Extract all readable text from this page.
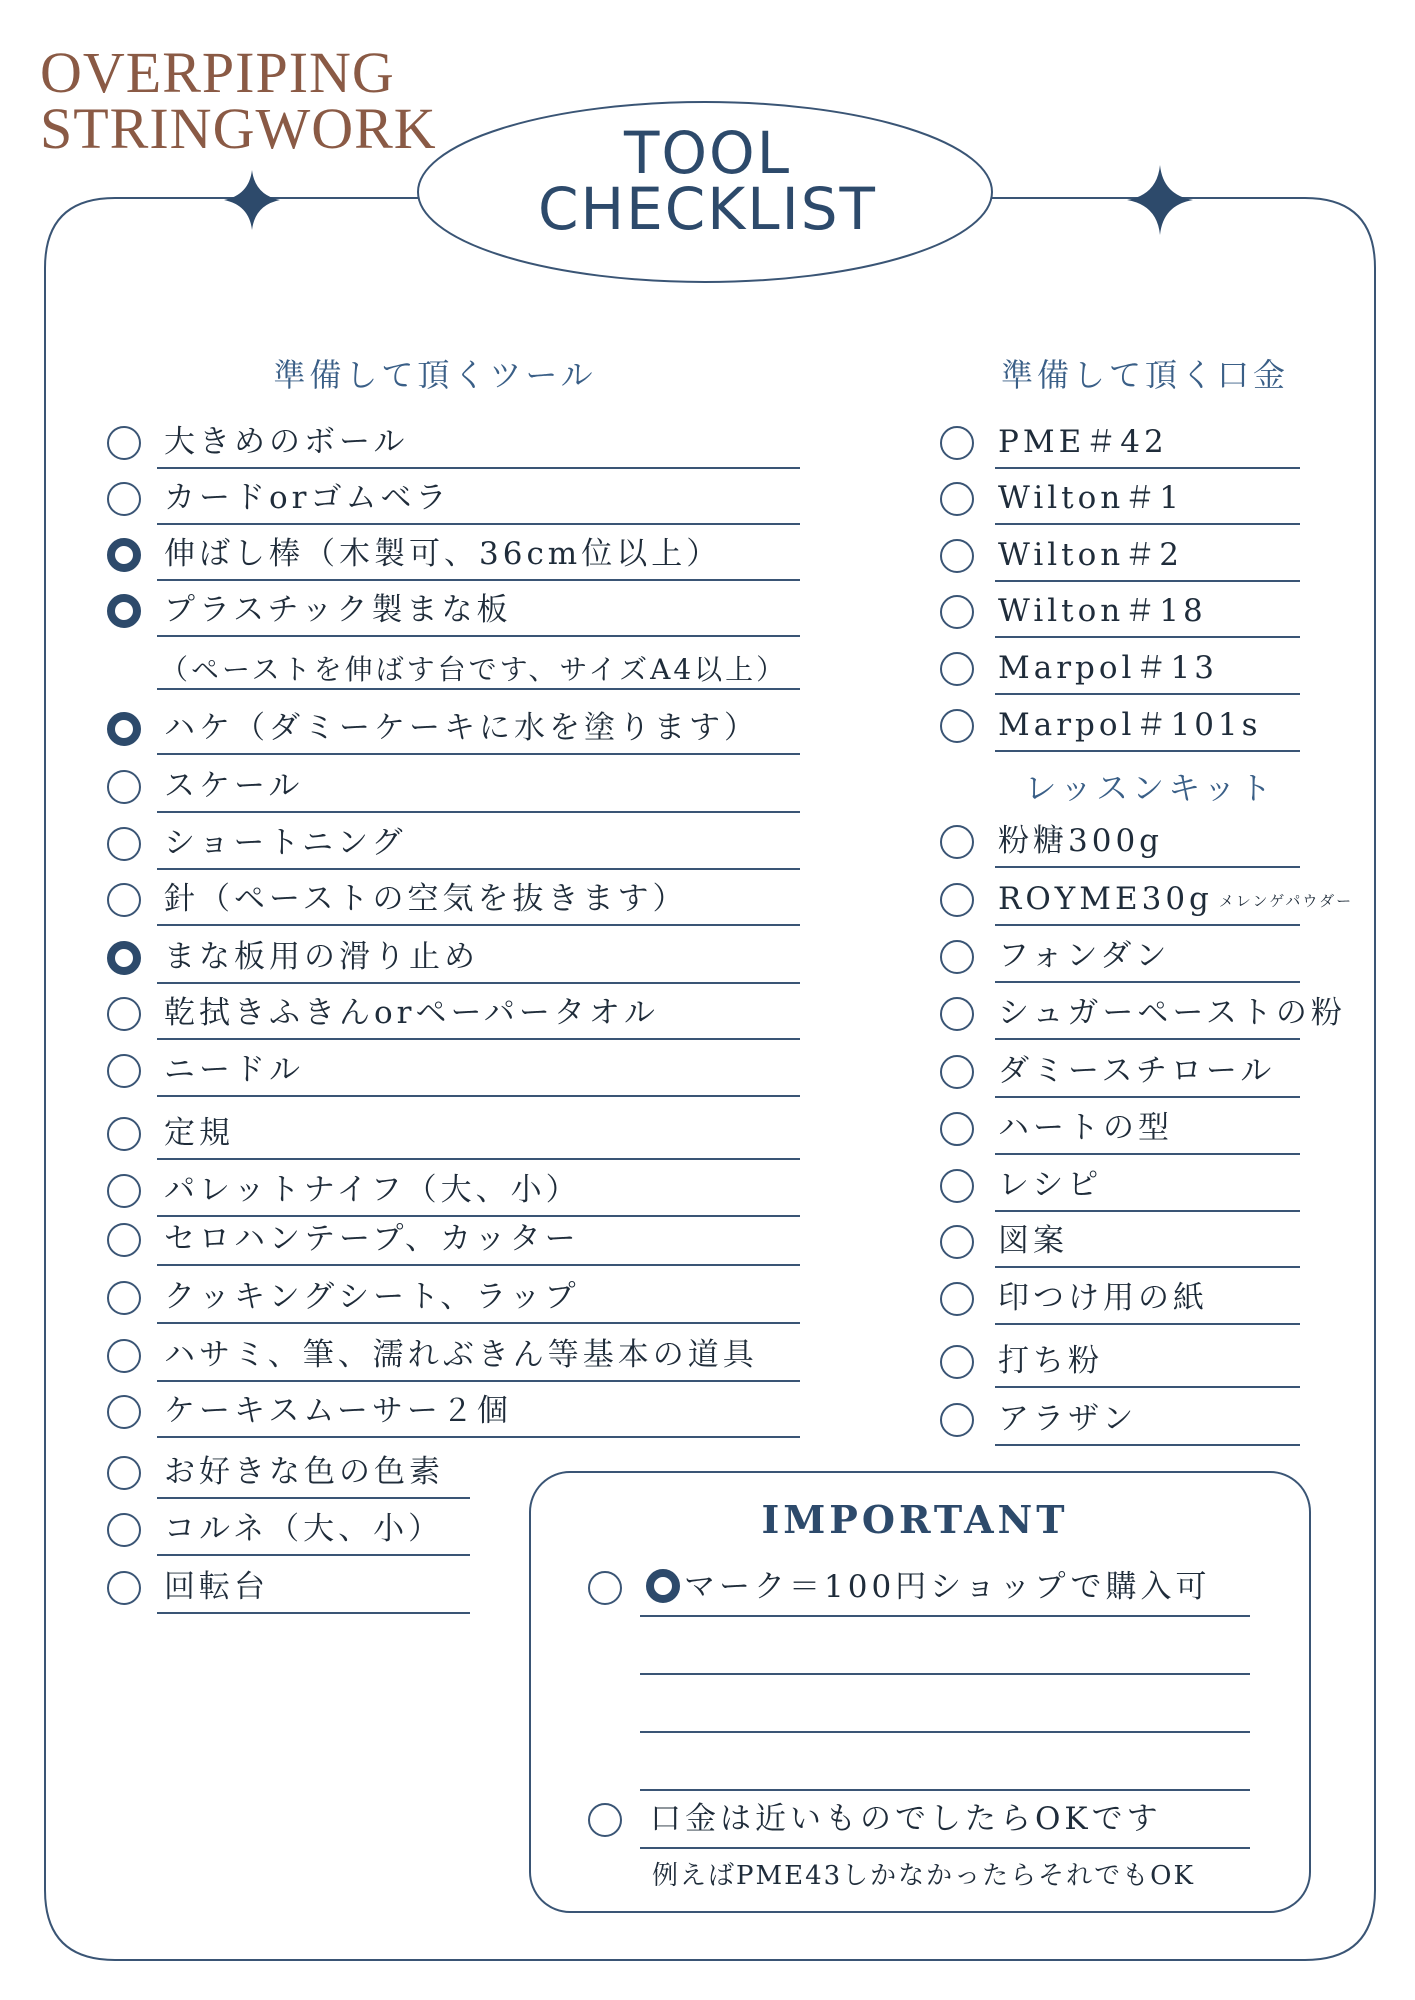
OVERPIPING
STRINGWORK	TOOL
CHECKLIST
準備して頂くツール	準備して頂く口金
レッスンキット
大きめのボール
カードorゴムベラ
伸ばし棒（木製可、36cm位以上）
プラスチック製まな板
ハケ（ダミーケーキに水を塗ります）
スケール
ショートニング
針（ペーストの空気を抜きます）
まな板用の滑り止め
乾拭きふきんorペーパータオル
ニードル
定規
パレットナイフ（大、小）
セロハンテープ、カッター
クッキングシート、ラップ
ハサミ、筆、濡れぶきん等基本の道具
ケーキスムーサー２個
お好きな色の色素
コルネ（大、小）
回転台
（ペーストを伸ばす台です、サイズA4以上）
PME＃42
Wilton＃1
Wilton＃2
Wilton＃18
Marpol＃13
Marpol＃101s
粉糖300g
ROYME30g メレンゲパウダー
フォンダン
シュガーペーストの粉
ダミースチロール
ハートの型
レシピ
図案
印つけ用の紙
打ち粉
アラザン
IMPORTANT
マーク＝100円ショップで購入可
口金は近いものでしたらOKです
例えばPME43しかなかったらそれでもOK
